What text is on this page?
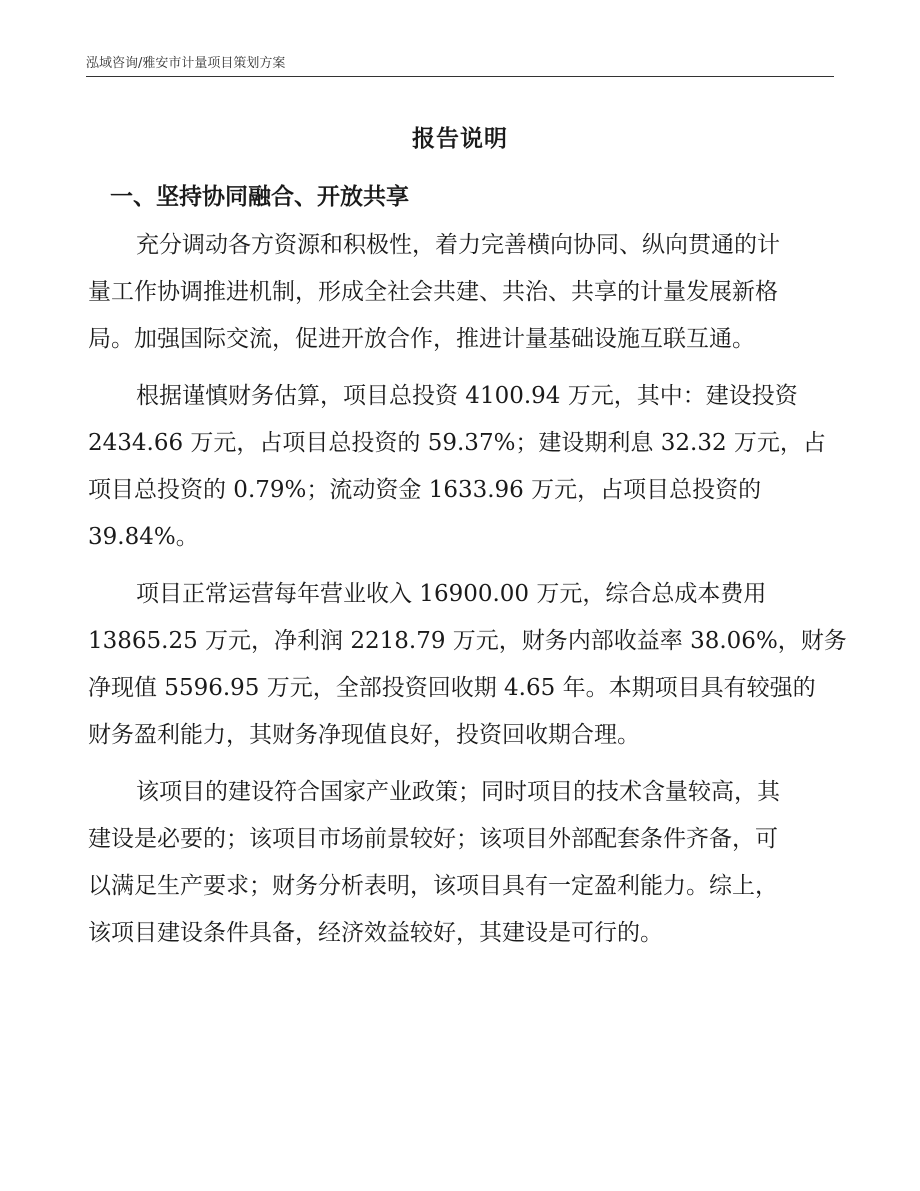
泓域咨询/雅安市计量项目策划方案
报告说明
一、坚持协同融合、开放共享

充分调动各方资源和积极性，着力完善横向协同、纵向贯通的计
量工作协调推进机制，形成全社会共建、共治、共享的计量发展新格
局。加强国际交流，促进开放合作，推进计量基础设施互联互通。

根据谨慎财务估算，项目总投资 4100.94 万元，其中：建设投资
2434.66 万元，占项目总投资的 59.37%；建设期利息 32.32 万元，占
项目总投资的 0.79%；流动资金 1633.96 万元，占项目总投资的
39.84%。

项目正常运营每年营业收入 16900.00 万元，综合总成本费用
13865.25 万元，净利润 2218.79 万元，财务内部收益率 38.06%，财务
净现值 5596.95 万元，全部投资回收期 4.65 年。本期项目具有较强的
财务盈利能力，其财务净现值良好，投资回收期合理。

该项目的建设符合国家产业政策；同时项目的技术含量较高，其
建设是必要的；该项目市场前景较好；该项目外部配套条件齐备，可
以满足生产要求；财务分析表明，该项目具有一定盈利能力。综上，
该项目建设条件具备，经济效益较好，其建设是可行的。
